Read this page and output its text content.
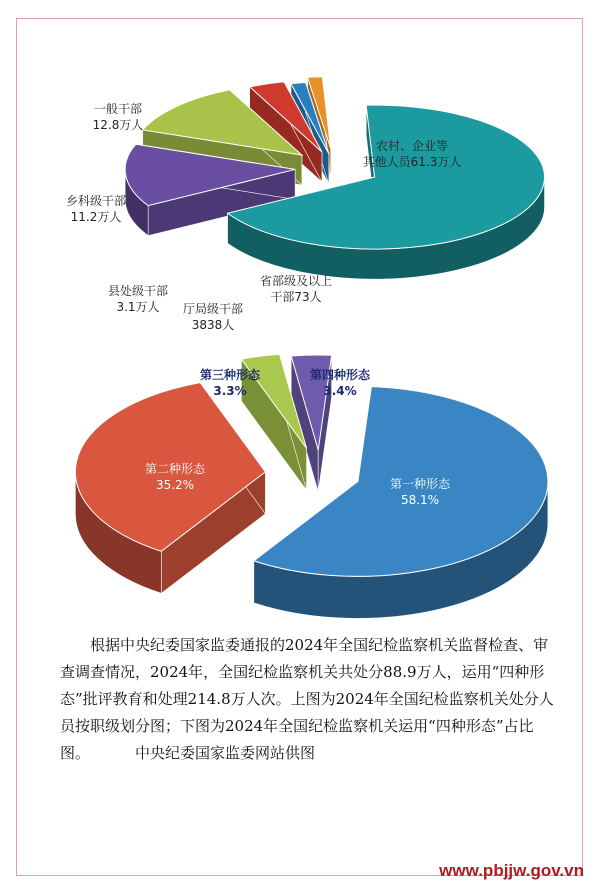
农村、企业等
其他人员61.3万人
一般干部
12.8万人
乡科级干部
11.2万人
县处级干部
3.1万人 厅局级干部
3838人
省部级及以上
干部73人
第一种形态
58.1%
第二种形态
35.2%
第三种形态
3.3%
第四种形态
3.4%

根据中央纪委国家监委通报的2024年全国纪检监察机关监督检查、审查调查情况，2024年，全国纪检监察机关共处分88.9万人，运用“四种形态”批评教育和处理214.8万人次。上图为2024年全国纪检监察机关处分人员按职级划分图；下图为2024年全国纪检监察机关运用“四种形态”占比图。	中央纪委国家监委网站供图

www.pbjjw.gov.vn
